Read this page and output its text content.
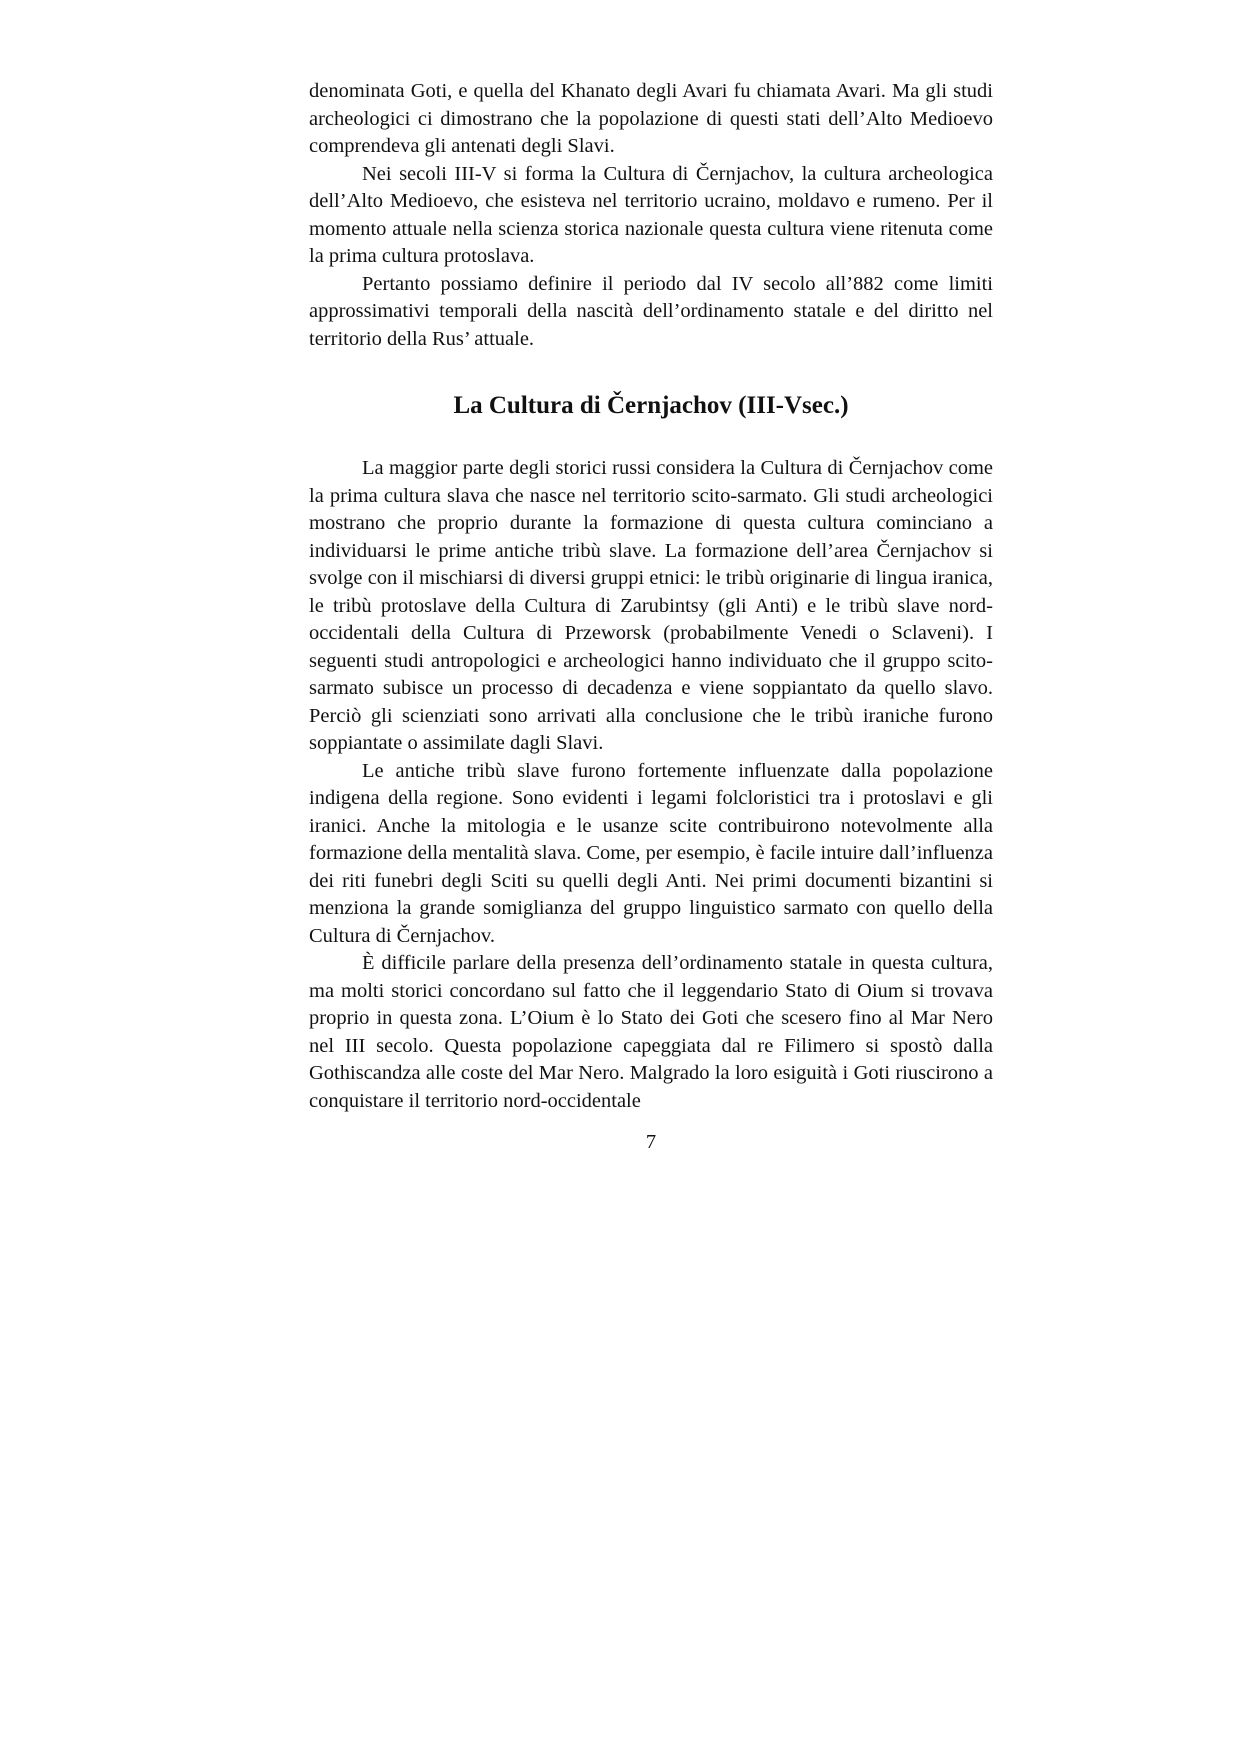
denominata Goti, e quella del Khanato degli Avari fu chiamata Avari. Ma gli studi archeologici ci dimostrano che la popolazione di questi stati dell’Alto Medioevo comprendeva gli antenati degli Slavi.

Nei secoli III-V si forma la Cultura di Černjachov, la cultura archeologica dell’Alto Medioevo, che esisteva nel territorio ucraino, moldavo e rumeno. Per il momento attuale nella scienza storica nazionale questa cultura viene ritenuta come la prima cultura protoslava.

Pertanto possiamo definire il periodo dal IV secolo all’882 come limiti approssimativi temporali della nascità dell’ordinamento statale e del diritto nel territorio della Rus’ attuale.

La Cultura di Černjachov (III-Vsec.)

La maggior parte degli storici russi considera la Cultura di Černjachov come la prima cultura slava che nasce nel territorio scito-sarmato. Gli studi archeologici mostrano che proprio durante la formazione di questa cultura cominciano a individuarsi le prime antiche tribù slave. La formazione dell’area Černjachov si svolge con il mischiarsi di diversi gruppi etnici: le tribù originarie di lingua iranica, le tribù protoslave della Cultura di Zarubintsy (gli Anti) e le tribù slave nord-occidentali della Cultura di Przeworsk (probabilmente Venedi o Sclaveni). I seguenti studi antropologici e archeologici hanno individuato che il gruppo scito-sarmato subisce un processo di decadenza e viene soppiantato da quello slavo. Perciò gli scienziati sono arrivati alla conclusione che le tribù iraniche furono soppiantate o assimilate dagli Slavi.

Le antiche tribù slave furono fortemente influenzate dalla popolazione indigena della regione. Sono evidenti i legami folcloristici tra i protoslavi e gli iranici. Anche la mitologia e le usanze scite contribuirono notevolmente alla formazione della mentalità slava. Come, per esempio, è facile intuire dall’influenza dei riti funebri degli Sciti su quelli degli Anti. Nei primi documenti bizantini si menziona la grande somiglianza del gruppo linguistico sarmato con quello della Cultura di Černjachov.

È difficile parlare della presenza dell’ordinamento statale in questa cultura, ma molti storici concordano sul fatto che il leggendario Stato di Oium si trovava proprio in questa zona. L’Oium è lo Stato dei Goti che scesero fino al Mar Nero nel III secolo. Questa popolazione capeggiata dal re Filimero si spostò dalla Gothiscandza alle coste del Mar Nero. Malgrado la loro esiguità i Goti riuscirono a conquistare il territorio nord-occidentale

7
